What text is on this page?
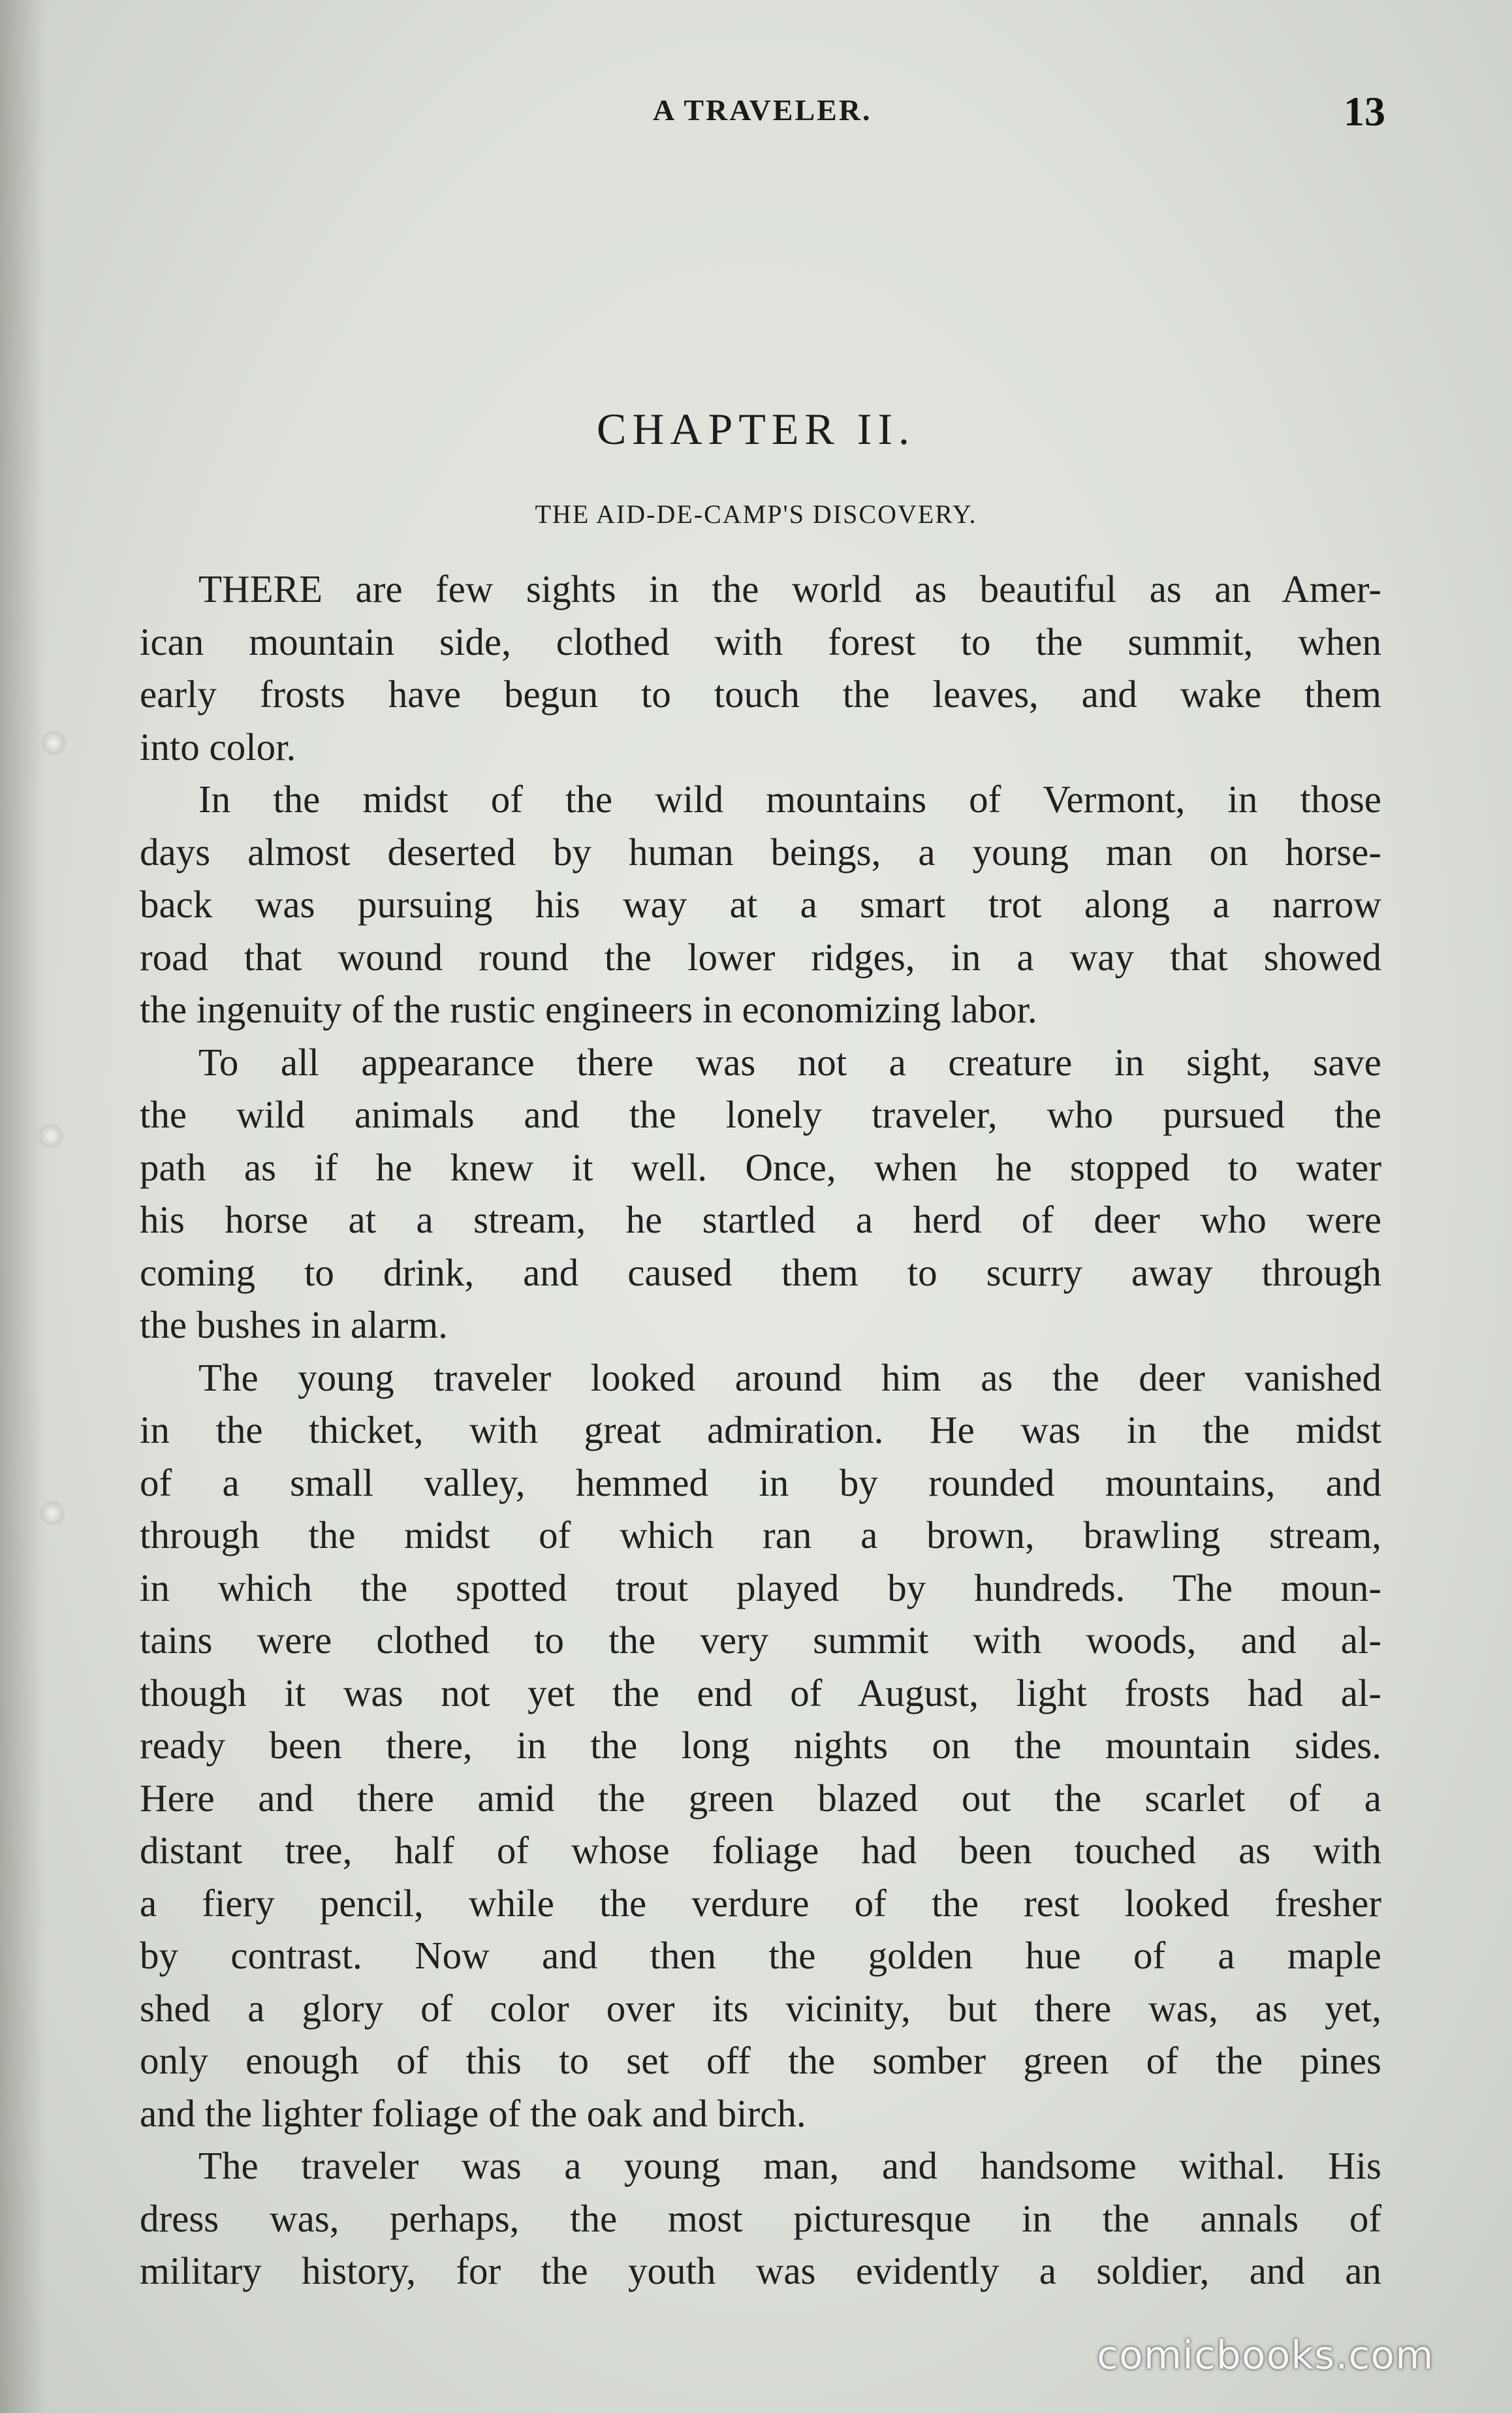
A TRAVELER.	13
CHAPTER II.
THE AID-DE-CAMP'S DISCOVERY.
THERE are few sights in the world as beautiful as an Amer-
ican mountain side, clothed with forest to the summit, when
early frosts have begun to touch the leaves, and wake them
into color.
In the midst of the wild mountains of Vermont, in those
days almost deserted by human beings, a young man on horse-
back was pursuing his way at a smart trot along a narrow
road that wound round the lower ridges, in a way that showed
the ingenuity of the rustic engineers in economizing labor.
To all appearance there was not a creature in sight, save
the wild animals and the lonely traveler, who pursued the
path as if he knew it well. Once, when he stopped to water
his horse at a stream, he startled a herd of deer who were
coming to drink, and caused them to scurry away through
the bushes in alarm.
The young traveler looked around him as the deer vanished
in the thicket, with great admiration. He was in the midst
of a small valley, hemmed in by rounded mountains, and
through the midst of which ran a brown, brawling stream,
in which the spotted trout played by hundreds. The moun-
tains were clothed to the very summit with woods, and al-
though it was not yet the end of August, light frosts had al-
ready been there, in the long nights on the mountain sides.
Here and there amid the green blazed out the scarlet of a
distant tree, half of whose foliage had been touched as with
a fiery pencil, while the verdure of the rest looked fresher
by contrast. Now and then the golden hue of a maple
shed a glory of color over its vicinity, but there was, as yet,
only enough of this to set off the somber green of the pines
and the lighter foliage of the oak and birch.
The traveler was a young man, and handsome withal. His
dress was, perhaps, the most picturesque in the annals of
military history, for the youth was evidently a soldier, and an
comicbooks.com
